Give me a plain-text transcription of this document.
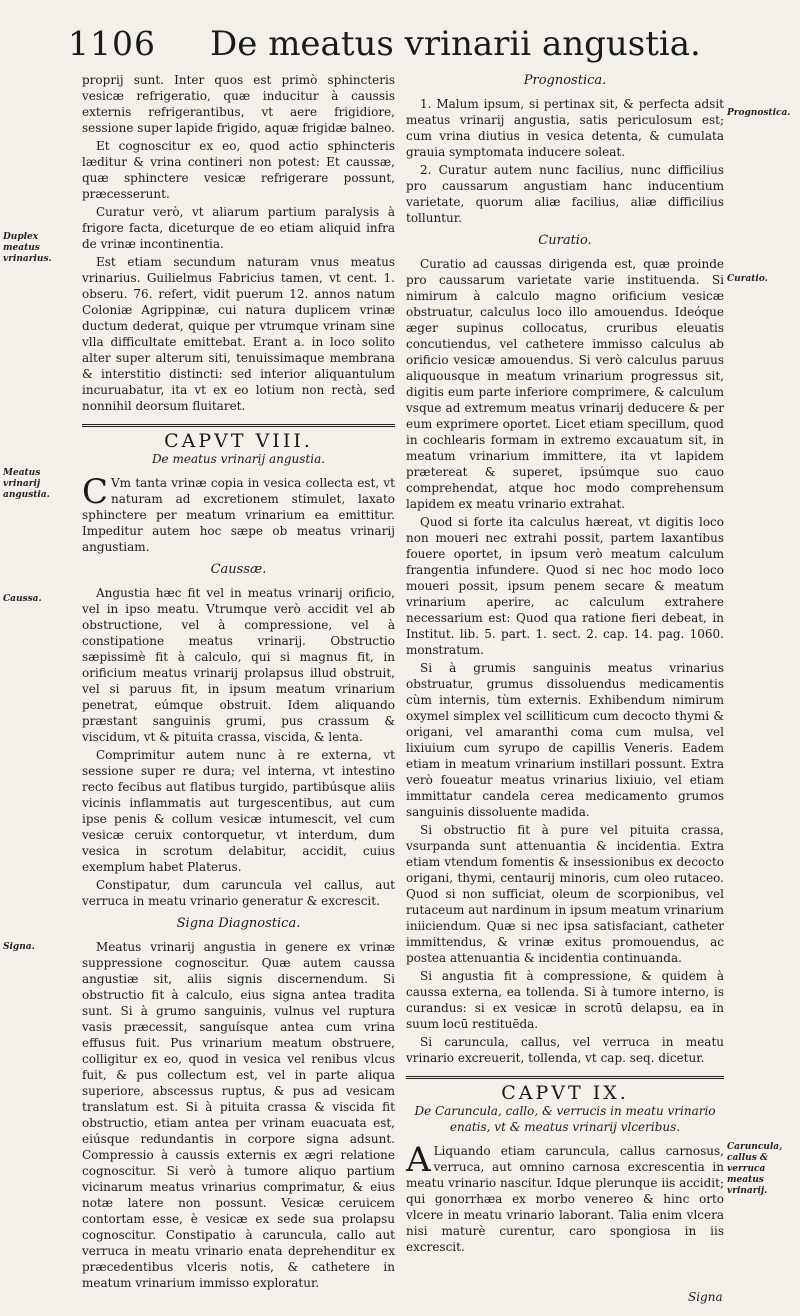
1106 De meatus vrinarii angustia.

proprij sunt. Inter quos est primò sphincteris vesicæ refrigeratio, quæ inducitur à caussis externis refrigerantibus, vt aere frigidiore, sessione super lapide frigido, aquæ frigidæ balneo.

Et cognoscitur ex eo, quod actio sphincteris læditur & vrina contineri non potest: Et caussæ, quæ sphinctere vesicæ refrigerare possunt, præcesserunt.

Curatur verò, vt aliarum partium paralysis à frigore facta, diceturque de eo etiam aliquid infra de vrinæ incontinentia.

Est etiam secundum naturam vnus meatus vrinarius. Guilielmus Fabricius tamen, vt cent. 1. obseru. 76. refert, vidit puerum 12. annos natum Coloniæ Agrippinæ, cui natura duplicem vrinæ ductum dederat, quique per vtrumque vrinam sine vlla difficultate emittebat. Erant a. in loco solito alter super alterum siti, tenuissimaque membrana & interstitio distincti: sed interior aliquantulum incuruabatur, ita vt ex eo lotium non rectà, sed nonnihil deorsum fluitaret.

CAPVT VIII.
De meatus vrinarij angustia.

CVm tanta vrinæ copia in vesica collecta est, vt naturam ad excretionem stimulet, laxato sphinctere per meatum vrinarium ea emittitur. Impeditur autem hoc sæpe ob meatus vrinarij angustiam.

Caussæ.

Angustia hæc fit vel in meatus vrinarij orificio, vel in ipso meatu. Vtrumque verò accidit vel ab obstructione, vel à compressione, vel à constipatione meatus vrinarij. Obstructio sæpissimè fit à calculo, qui si magnus fit, in orificium meatus vrinarij prolapsus illud obstruit, vel si paruus fit, in ipsum meatum vrinarium penetrat, eúmque obstruit. Idem aliquando præstant sanguinis grumi, pus crassum & viscidum, vt & pituita crassa, viscida, & lenta.

Comprimitur autem nunc à re externa, vt sessione super re dura; vel interna, vt intestino recto fecibus aut flatibus turgido, partibúsque aliis vicinis inflammatis aut turgescentibus, aut cum ipse penis & collum vesicæ intumescit, vel cum vesicæ ceruix contorquetur, vt interdum, dum vesica in scrotum delabitur, accidit, cuius exemplum habet Platerus.

Constipatur, dum caruncula vel callus, aut verruca in meatu vrinario generatur & excrescit.

Signa Diagnostica.

Meatus vrinarij angustia in genere ex vrinæ suppressione cognoscitur. Quæ autem caussa angustiæ sit, aliis signis discernendum. Si obstructio fit à calculo, eius signa antea tradita sunt. Si à grumo sanguinis, vulnus vel ruptura vasis præcessit, sanguísque antea cum vrina effusus fuit. Pus vrinarium meatum obstruere, colligitur ex eo, quod in vesica vel renibus vlcus fuit, & pus collectum est, vel in parte aliqua superiore, abscessus ruptus, & pus ad vesicam translatum est. Si à pituita crassa & viscida fit obstructio, etiam antea per vrinam euacuata est, eiúsque redundantis in corpore signa adsunt. Compressio à caussis externis ex ægri relatione cognoscitur. Si verò à tumore aliquo partium vicinarum meatus vrinarius comprimatur, & eius notæ latere non possunt. Vesicæ ceruicem contortam esse, è vesicæ ex sede sua prolapsu cognoscitur. Constipatio à caruncula, callo aut verruca in meatu vrinario enata deprehenditur ex præcedentibus vlceris notis, & cathetere in meatum vrinarium immisso exploratur.

Prognostica.

1. Malum ipsum, si pertinax sit, & perfecta adsit meatus vrinarij angustia, satis periculosum est; cum vrina diutius in vesica detenta, & cumulata grauia symptomata inducere soleat.

2. Curatur autem nunc facilius, nunc difficilius pro caussarum angustiam hanc inducentium varietate, quorum aliæ facilius, aliæ difficilius tolluntur.

Curatio.

Curatio ad caussas dirigenda est, quæ proinde pro caussarum varietate varie instituenda. Si nimirum à calculo magno orificium vesicæ obstruatur, calculus loco illo amouendus. Ideóque æger supinus collocatus, cruribus eleuatis concutiendus, vel cathetere immisso calculus ab orificio vesicæ amouendus. Si verò calculus paruus aliquousque in meatum vrinarium progressus sit, digitis eum parte inferiore comprimere, & calculum vsque ad extremum meatus vrinarij deducere & per eum exprimere oportet. Licet etiam specillum, quod in cochlearis formam in extremo excauatum sit, in meatum vrinarium immittere, ita vt lapidem prætereat & superet, ipsúmque suo cauo comprehendat, atque hoc modo comprehensum lapidem ex meatu vrinario extrahat.

Quod si forte ita calculus hæreat, vt digitis loco non moueri nec extrahi possit, partem laxantibus fouere oportet, in ipsum verò meatum calculum frangentia infundere. Quod si nec hoc modo loco moueri possit, ipsum penem secare & meatum vrinarium aperire, ac calculum extrahere necessarium est: Quod qua ratione fieri debeat, in Institut. lib. 5. part. 1. sect. 2. cap. 14. pag. 1060. monstratum.

Si à grumis sanguinis meatus vrinarius obstruatur, grumus dissoluendus medicamentis cùm internis, tùm externis. Exhibendum nimirum oxymel simplex vel scilliticum cum decocto thymi & origani, vel amaranthi coma cum mulsa, vel lixiuium cum syrupo de capillis Veneris. Eadem etiam in meatum vrinarium instillari possunt. Extra verò foueatur meatus vrinarius lixiuio, vel etiam immittatur candela cerea medicamento grumos sanguinis dissoluente madida.

Si obstructio fit à pure vel pituita crassa, vsurpanda sunt attenuantia & incidentia. Extra etiam vtendum fomentis & insessionibus ex decocto origani, thymi, centaurij minoris, cum oleo rutaceo. Quod si non sufficiat, oleum de scorpionibus, vel rutaceum aut nardinum in ipsum meatum vrinarium iniiciendum. Quæ si nec ipsa satisfaciant, catheter immittendus, & vrinæ exitus promouendus, ac postea attenuantia & incidentia continuanda.

Si angustia fit à compressione, & quidem à caussa externa, ea tollenda. Si à tumore interno, is curandus: si ex vesicæ in scrotū delapsu, ea in suum locū restituēda.

Si caruncula, callus, vel verruca in meatu vrinario excreuerit, tollenda, vt cap. seq. dicetur.

CAPVT IX.
De Caruncula, callo, & verrucis in meatu vrinario enatis, vt & meatus vrinarij vlceribus.

ALiquando etiam caruncula, callus carnosus, verruca, aut omnino carnosa excrescentia in meatu vrinario nascitur. Idque plerunque iis accidit; qui gonorrhæa ex morbo venereo & hinc orto vlcere in meatu vrinario laborant. Talia enim vlcera nisi maturè curentur, caro spongiosa in iis excrescit.

Duplex meatus vrinarius.
Meatus vrinarij angustia.
Caussa.
Signa.
Prognostica.
Curatio.
Caruncula, callus & verruca meatus vrinarij.
Signa
